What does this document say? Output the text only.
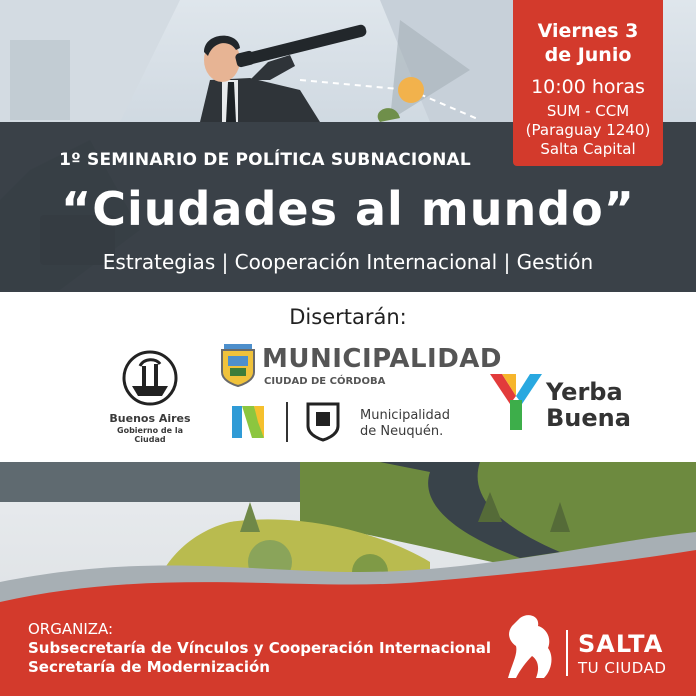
Viernes 3
de Junio
10:00 horas
SUM - CCM
(Paraguay 1240)
Salta Capital
1º SEMINARIO DE POLÍTICA SUBNACIONAL
“Ciudades al mundo”
Estrategias | Cooperación Internacional | Gestión
Disertarán:
Buenos Aires
Gobierno de la Ciudad
MUNICIPALIDAD
CIUDAD DE CÓRDOBA
Municipalidad
de Neuquén.
Yerba
Buena
ORGANIZA:
Subsecretaría de Vínculos y Cooperación Internacional
Secretaría de Modernización
SALTA
TU CIUDAD
